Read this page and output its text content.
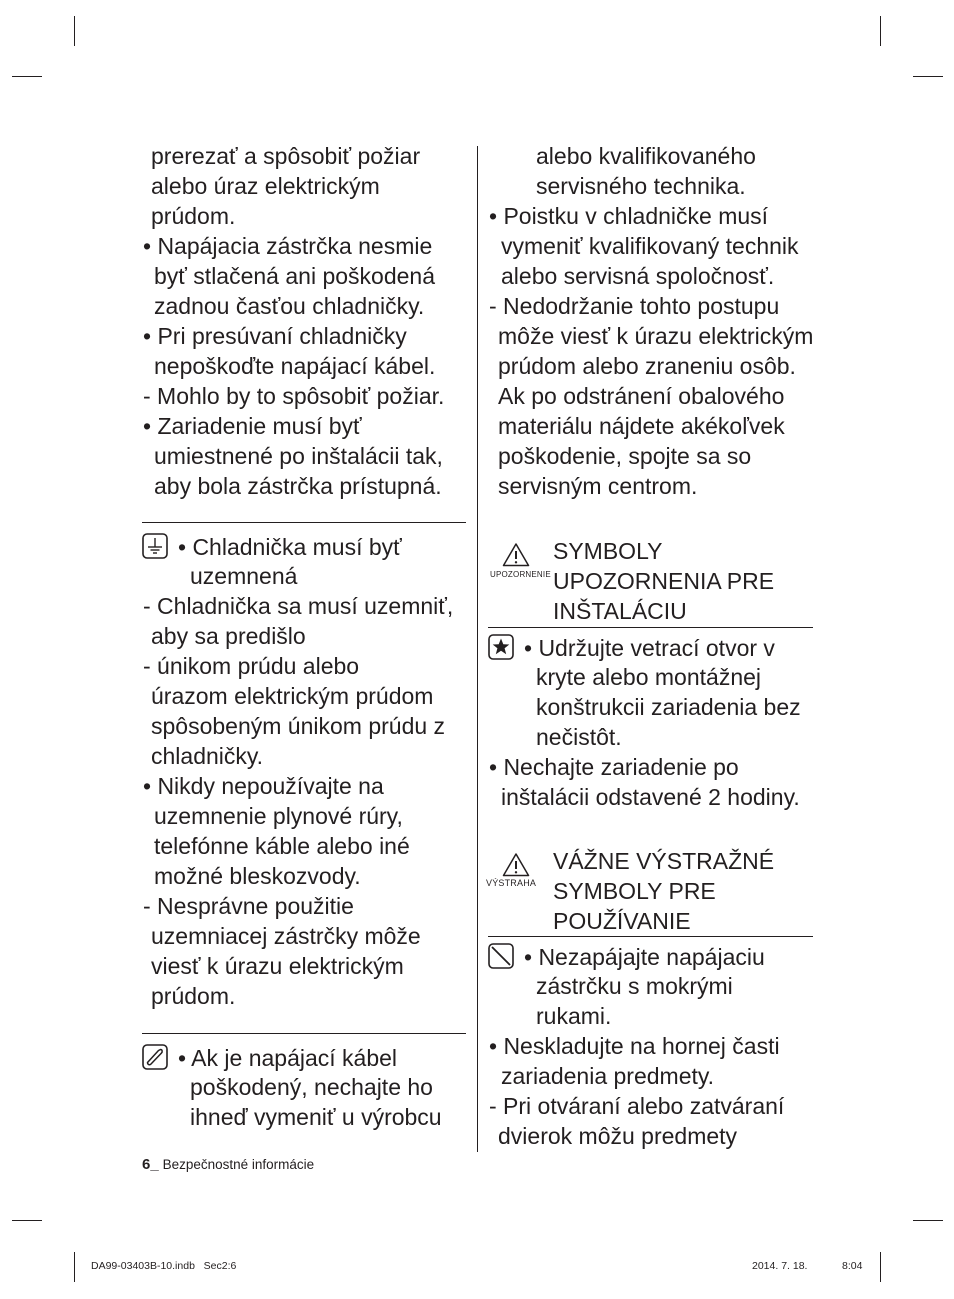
prerezať a spôsobiť požiar
alebo úraz elektrickým
prúdom.
• Napájacia zástrčka nesmie
byť stlačená ani poškodená
zadnou časťou chladničky.
• Pri presúvaní chladničky
nepoškoďte napájací kábel.
- Mohlo by to spôsobiť požiar.
• Zariadenie musí byť
umiestnené po inštalácii tak,
aby bola zástrčka prístupná.
• Chladnička musí byť
uzemnená
- Chladnička sa musí uzemniť,
aby sa predišlo
- únikom prúdu alebo
úrazom elektrickým prúdom
spôsobeným únikom prúdu z
chladničky.
• Nikdy nepoužívajte na
uzemnenie plynové rúry,
telefónne káble alebo iné
možné bleskozvody.
- Nesprávne použitie
uzemniacej zástrčky môže
viesť k úrazu elektrickým
prúdom.
• Ak je napájací kábel
poškodený, nechajte ho
ihneď vymeniť u výrobcu
alebo kvalifikovaného
servisného technika.
• Poistku v chladničke musí
vymeniť kvalifikovaný technik
alebo servisná spoločnosť.
- Nedodržanie tohto postupu
môže viesť k úrazu elektrickým
prúdom alebo zraneniu osôb.
Ak po odstránení obalového
materiálu nájdete akékoľvek
poškodenie, spojte sa so
servisným centrom.
UPOZORNENIE
SYMBOLY
UPOZORNENIA PRE
INŠTALÁCIU
• Udržujte vetrací otvor v
kryte alebo montážnej
konštrukcii zariadenia bez
nečistôt.
• Nechajte zariadenie po
inštalácii odstavené 2 hodiny.
VÝSTRAHA
VÁŽNE VÝSTRAŽNÉ
SYMBOLY PRE
POUŽÍVANIE
• Nezapájajte napájaciu
zástrčku s mokrými
rukami.
• Neskladujte na hornej časti
zariadenia predmety.
- Pri otváraní alebo zatváraní
dvierok môžu predmety
6_ Bezpečnostné informácie
DA99-03403B-10.indb   Sec2:6	2014. 7. 18.	8:04
